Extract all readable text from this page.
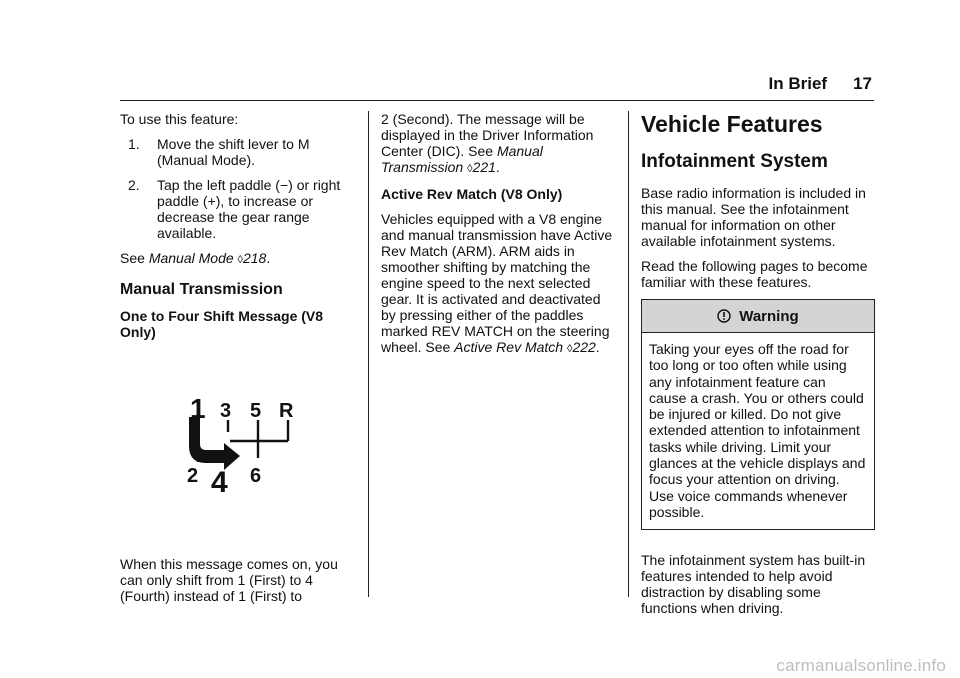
In Brief 17

To use this feature:

1. Move the shift lever to M (Manual Mode).
2. Tap the left paddle (−) or right paddle (+), to increase or decrease the gear range available.

See Manual Mode ◊218.

Manual Transmission
One to Four Shift Message (V8 Only)
1 3 5 R
2 4 6

When this message comes on, you can only shift from 1 (First) to 4 (Fourth) instead of 1 (First) to

2 (Second). The message will be displayed in the Driver Information Center (DIC). See Manual Transmission ◊221.

Active Rev Match (V8 Only)

Vehicles equipped with a V8 engine and manual transmission have Active Rev Match (ARM). ARM aids in smoother shifting by matching the engine speed to the next selected gear. It is activated and deactivated by pressing either of the paddles marked REV MATCH on the steering wheel. See Active Rev Match ◊222.

Vehicle Features
Infotainment System

Base radio information is included in this manual. See the infotainment manual for information on other available infotainment systems.

Read the following pages to become familiar with these features.

Warning
Taking your eyes off the road for too long or too often while using any infotainment feature can cause a crash. You or others could be injured or killed. Do not give extended attention to infotainment tasks while driving. Limit your glances at the vehicle displays and focus your attention on driving. Use voice commands whenever possible.

The infotainment system has built-in features intended to help avoid distraction by disabling some functions when driving.

carmanualsonline.info
